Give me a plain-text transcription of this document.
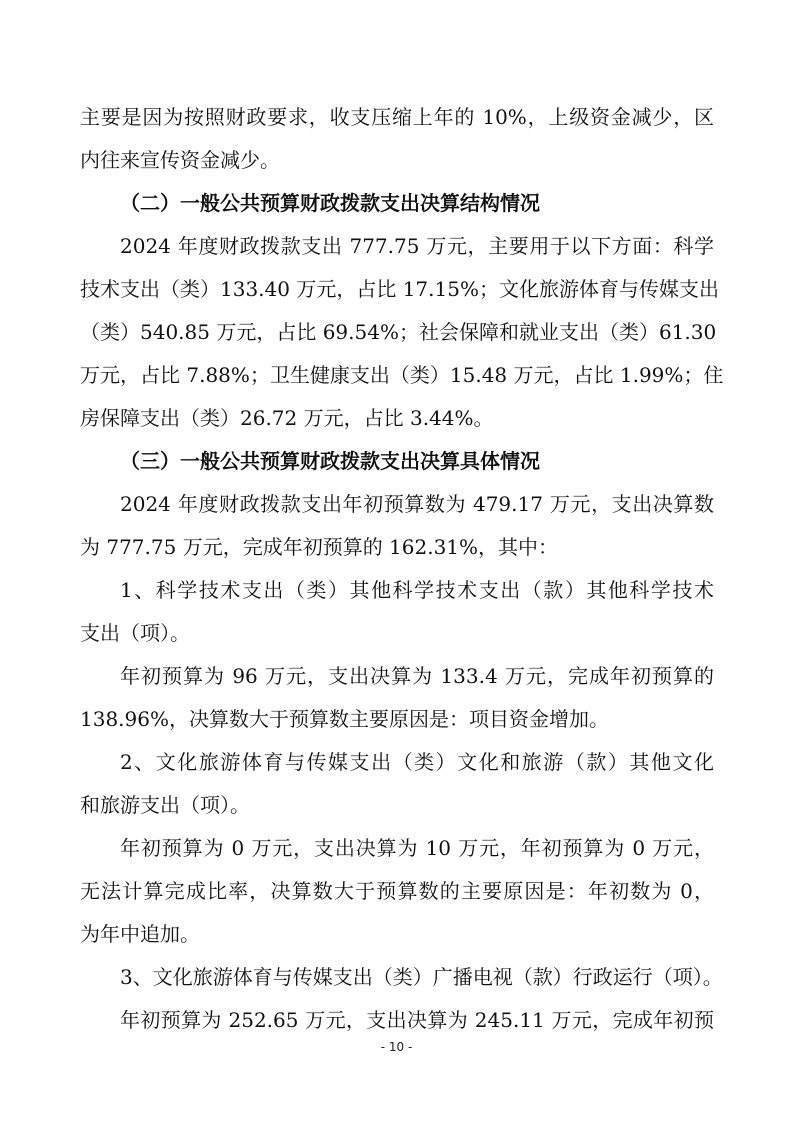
主要是因为按照财政要求，收支压缩上年的 10%，上级资金减少，区
内往来宣传资金减少。
（二）一般公共预算财政拨款支出决算结构情况
2024 年度财政拨款支出 777.75 万元，主要用于以下方面：科学
技术支出（类）133.40 万元，占比 17.15%；文化旅游体育与传媒支出
（类）540.85 万元，占比 69.54%；社会保障和就业支出（类）61.30
万元，占比 7.88%；卫生健康支出（类）15.48 万元，占比 1.99%；住
房保障支出（类）26.72 万元，占比 3.44%。
（三）一般公共预算财政拨款支出决算具体情况
2024 年度财政拨款支出年初预算数为 479.17 万元，支出决算数
为 777.75 万元，完成年初预算的 162.31%，其中：
1、科学技术支出（类）其他科学技术支出（款）其他科学技术
支出（项）。
年初预算为 96 万元，支出决算为 133.4 万元，完成年初预算的
138.96%，决算数大于预算数主要原因是：项目资金增加。
2、文化旅游体育与传媒支出（类）文化和旅游（款）其他文化
和旅游支出（项）。
年初预算为 0 万元，支出决算为 10 万元，年初预算为 0 万元，
无法计算完成比率，决算数大于预算数的主要原因是：年初数为 0，
为年中追加。
3、文化旅游体育与传媒支出（类）广播电视（款）行政运行（项）。
年初预算为 252.65 万元，支出决算为 245.11 万元，完成年初预
- 10 -
